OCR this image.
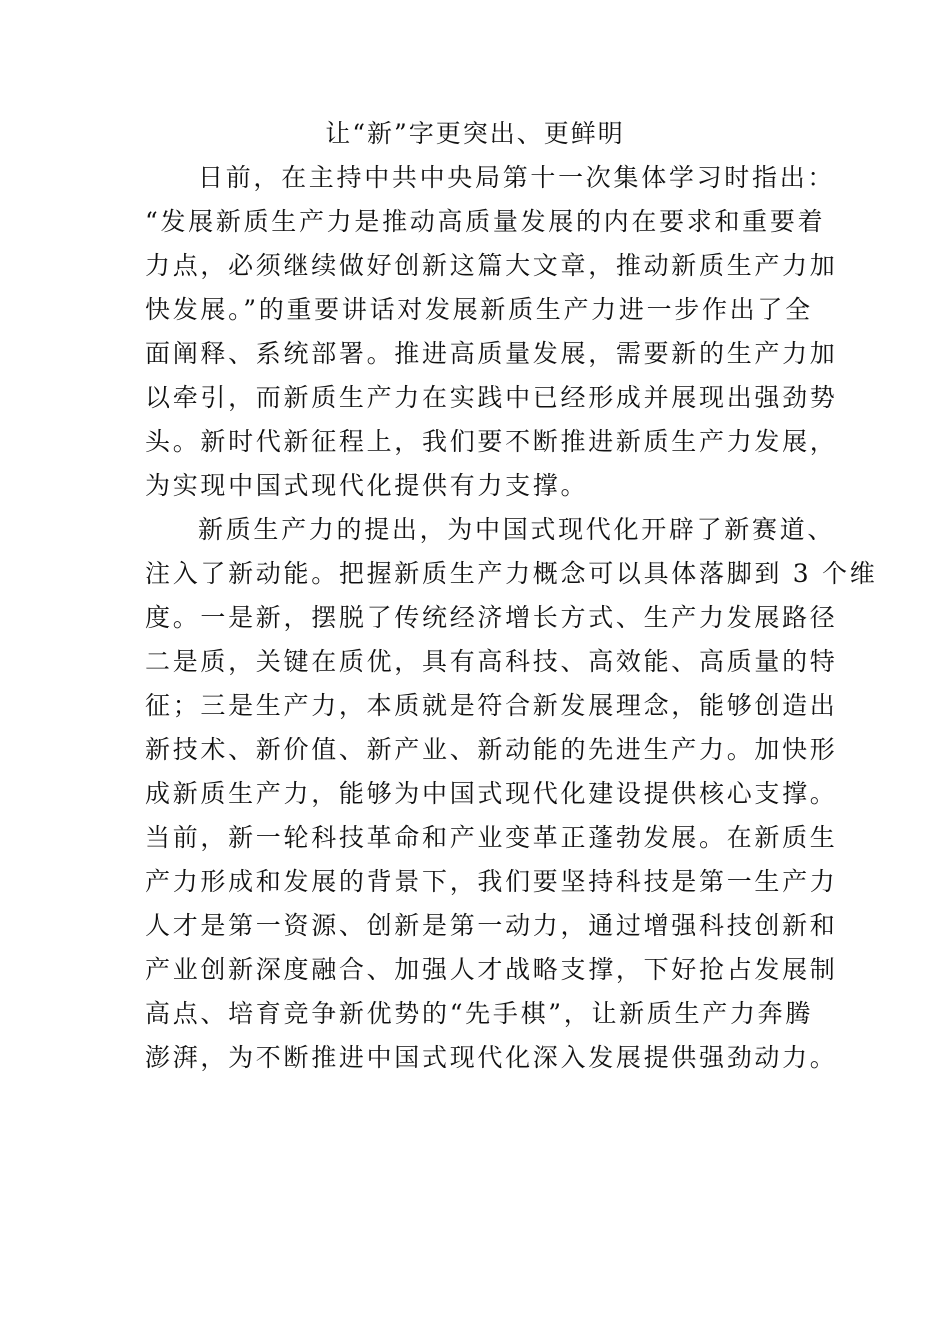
让“新”字更突出、更鲜明
日前，在主持中共中央局第十一次集体学习时指出：
“发展新质生产力是推动高质量发展的内在要求和重要着
力点，必须继续做好创新这篇大文章，推动新质生产力加
快发展。”的重要讲话对发展新质生产力进一步作出了全
面阐释、系统部署。推进高质量发展，需要新的生产力加
以牵引，而新质生产力在实践中已经形成并展现出强劲势
头。新时代新征程上，我们要不断推进新质生产力发展，
为实现中国式现代化提供有力支撑。
新质生产力的提出，为中国式现代化开辟了新赛道、
注入了新动能。把握新质生产力概念可以具体落脚到 3 个维
度。一是新，摆脱了传统经济增长方式、生产力发展路径
二是质，关键在质优，具有高科技、高效能、高质量的特
征；三是生产力，本质就是符合新发展理念，能够创造出
新技术、新价值、新产业、新动能的先进生产力。加快形
成新质生产力，能够为中国式现代化建设提供核心支撑。
当前，新一轮科技革命和产业变革正蓬勃发展。在新质生
产力形成和发展的背景下，我们要坚持科技是第一生产力
人才是第一资源、创新是第一动力，通过增强科技创新和
产业创新深度融合、加强人才战略支撑，下好抢占发展制
高点、培育竞争新优势的“先手棋”，让新质生产力奔腾
澎湃，为不断推进中国式现代化深入发展提供强劲动力。
